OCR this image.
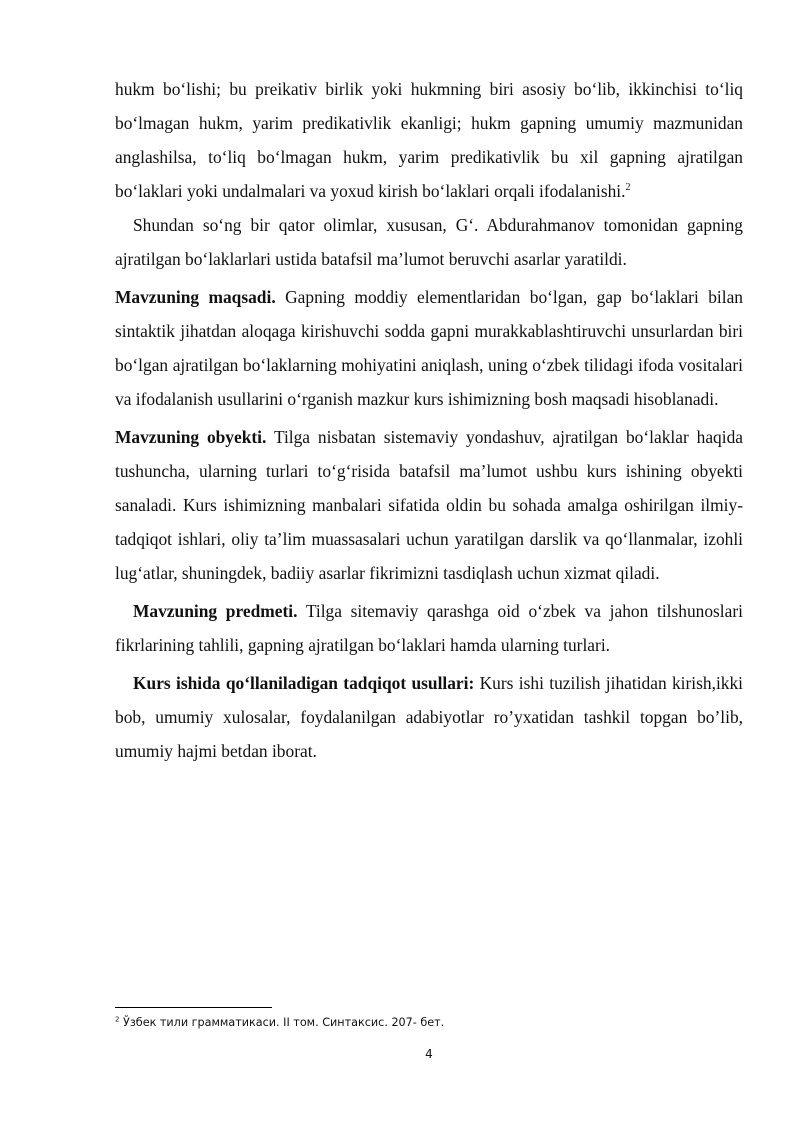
hukm bo‘lishi; bu preikativ birlik yoki hukmning biri asosiy bo‘lib, ikkinchisi to‘liq bo‘lmagan hukm, yarim predikativlik ekanligi; hukm gapning umumiy mazmunidan anglashilsa, to‘liq bo‘lmagan hukm, yarim predikativlik bu xil gapning ajratilgan bo‘laklari yoki undalmalari va yoxud kirish bo‘laklari orqali ifodalanishi.$^2$

Shundan so‘ng bir qator olimlar, xususan, G‘. Abdurahmanov tomonidan gapning ajratilgan bo‘laklarlari ustida batafsil ma’lumot beruvchi asarlar yaratildi.

Mavzuning maqsadi. Gapning moddiy elementlaridan bo‘lgan, gap bo‘laklari bilan sintaktik jihatdan aloqaga kirishuvchi sodda gapni murakkablashtiruvchi unsurlardan biri bo‘lgan ajratilgan bo‘laklarning mohiyatini aniqlash, uning o‘zbek tilidagi ifoda vositalari va ifodalanish usullarini o‘rganish mazkur kurs ishimizning bosh maqsadi hisoblanadi.

Mavzuning obyekti. Tilga nisbatan sistemaviy yondashuv, ajratilgan bo‘laklar haqida tushuncha, ularning turlari to‘g‘risida batafsil ma’lumot ushbu kurs ishining obyekti sanaladi. Kurs ishimizning manbalari sifatida oldin bu sohada amalga oshirilgan ilmiy-tadqiqot ishlari, oliy ta’lim muassasalari uchun yaratilgan darslik va qo‘llanmalar, izohli lug‘atlar, shuningdek, badiiy asarlar fikrimizni tasdiqlash uchun xizmat qiladi.

Mavzuning predmeti. Tilga sitemaviy qarashga oid o‘zbek va jahon tilshunoslari fikrlarining tahlili, gapning ajratilgan bo‘laklari hamda ularning turlari.

Kurs ishida qo‘llaniladigan tadqiqot usullari: Kurs ishi tuzilish jihatidan kirish,ikki bob, umumiy xulosalar, foydalanilgan adabiyotlar ro’yxatidan tashkil topgan bo’lib, umumiy hajmi betdan iborat.

$^2$ Ўзбек тили грамматикаси. II том. Синтаксис. 207- бет.
4
